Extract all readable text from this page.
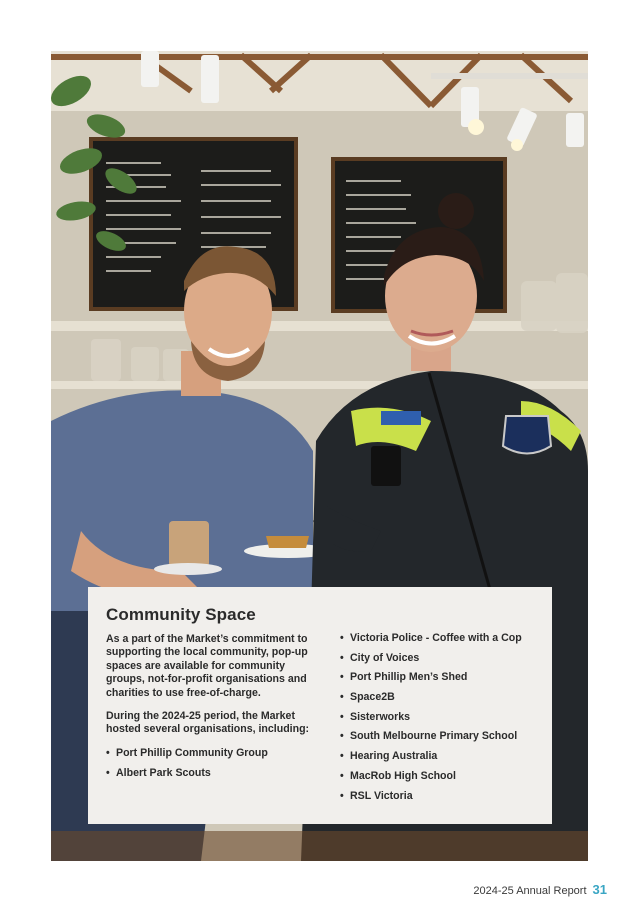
Community Space

As a part of the Market’s commitment to supporting the local community, pop-up spaces are available for community groups, not-for-profit organisations and charities to use free-of-charge.

During the 2024-25 period, the Market hosted several organisations, including:

• Port Phillip Community Group
• Albert Park Scouts
• Victoria Police - Coffee with a Cop
• City of Voices
• Port Phillip Men’s Shed
• Space2B
• Sisterworks
• South Melbourne Primary School
• Hearing Australia
• MacRob High School
• RSL Victoria
2024-25 Annual Report 31
